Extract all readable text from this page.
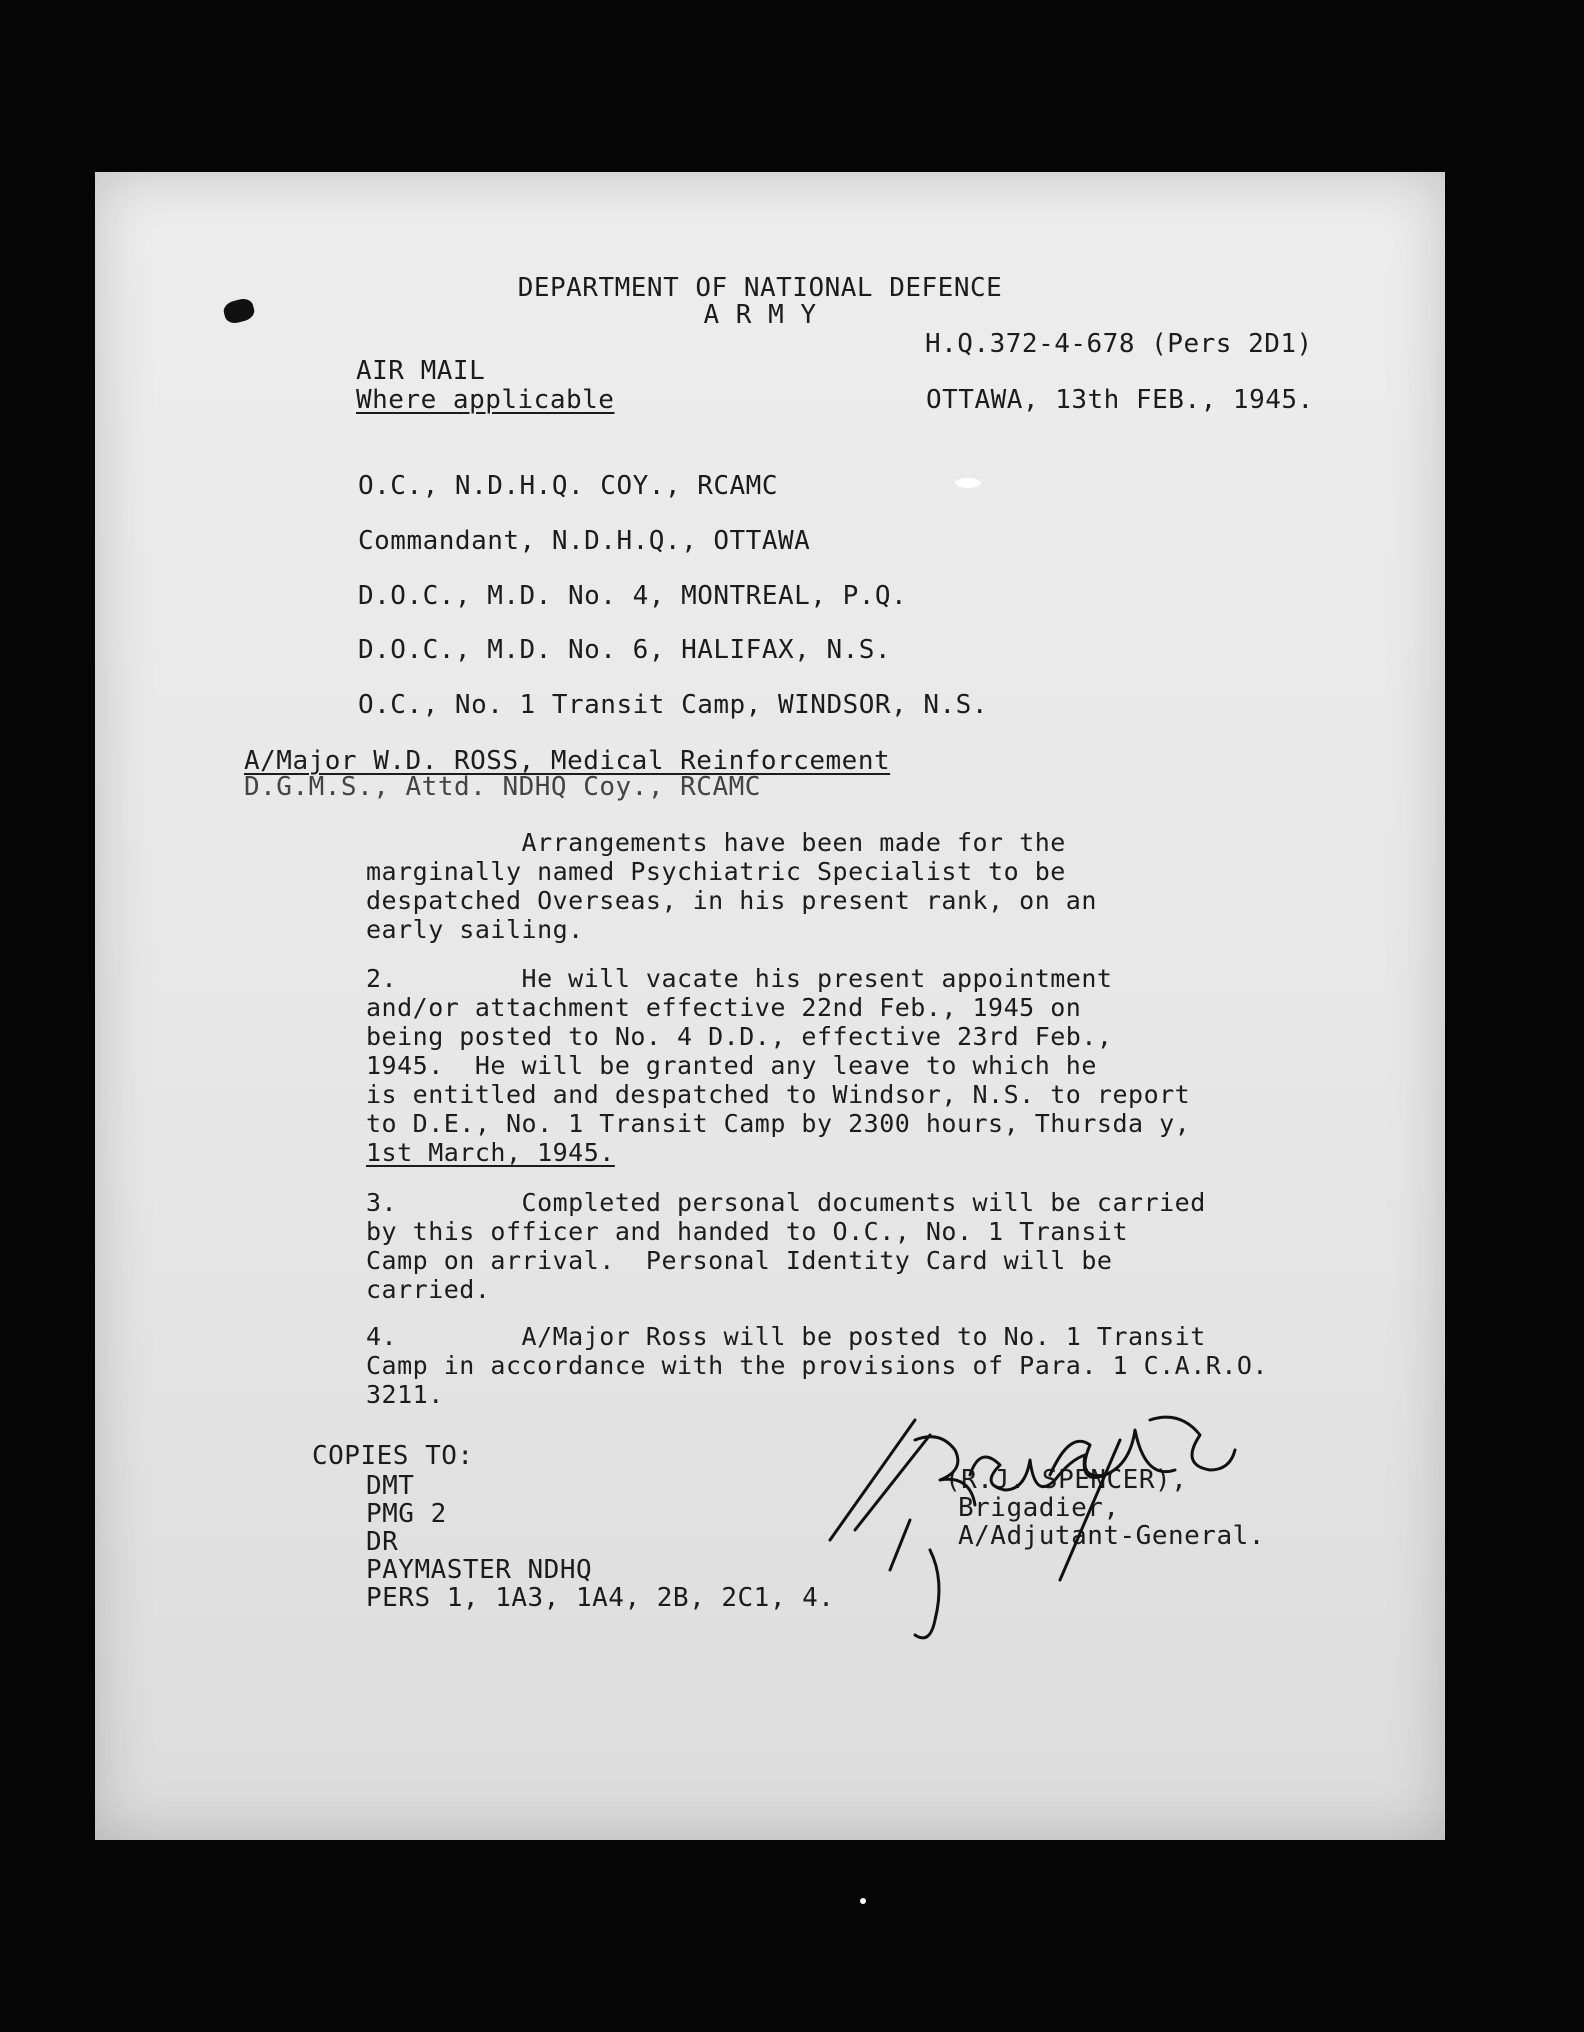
DEPARTMENT OF NATIONAL DEFENCE
A R M Y
H.Q.372-4-678 (Pers 2D1)
AIR MAIL
Where applicable	OTTAWA, 13th FEB., 1945.
O.C., N.D.H.Q. COY., RCAMC
Commandant, N.D.H.Q., OTTAWA
D.O.C., M.D. No. 4, MONTREAL, P.Q.
D.O.C., M.D. No. 6, HALIFAX, N.S.
O.C., No. 1 Transit Camp, WINDSOR, N.S.
A/Major W.D. ROSS, Medical Reinforcement
D.G.M.S., Attd. NDHQ Coy., RCAMC
Arrangements have been made for the
marginally named Psychiatric Specialist to be
despatched Overseas, in his present rank, on an
early sailing.
2.        He will vacate his present appointment
and/or attachment effective 22nd Feb., 1945 on
being posted to No. 4 D.D., effective 23rd Feb.,
1945.  He will be granted any leave to which he
is entitled and despatched to Windsor, N.S. to report
to D.E., No. 1 Transit Camp by 2300 hours, Thursda y,
1st March, 1945.
3.        Completed personal documents will be carried
by this officer and handed to O.C., No. 1 Transit
Camp on arrival.  Personal Identity Card will be
carried.
4.        A/Major Ross will be posted to No. 1 Transit
Camp in accordance with the provisions of Para. 1 C.A.R.O.
3211.
COPIES TO:
DMT
PMG 2
DR
PAYMASTER NDHQ
PERS 1, 1A3, 1A4, 2B, 2C1, 4.
(R.J. SPENCER),
Brigadier,
A/Adjutant-General.
